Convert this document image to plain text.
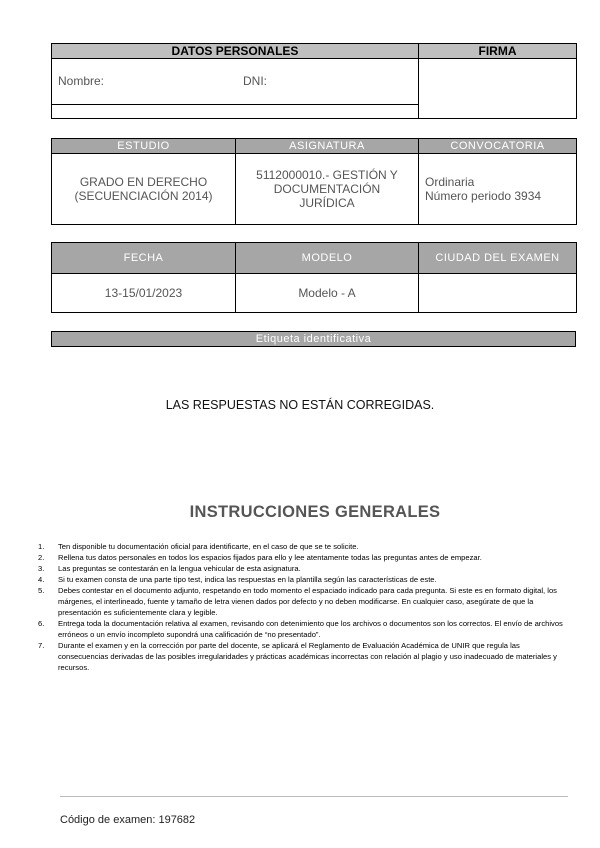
DATOS PERSONALES	FIRMA

Nombre: DNI:	

ESTUDIO	ASIGNATURA	CONVOCATORIA

GRADO EN DERECHO (SECUENCIACIÓN 2014)	5112000010.- GESTIÓN Y DOCUMENTACIÓN JURÍDICA	Ordinaria
Número periodo 3934
FECHA	MODELO	CIUDAD DEL EXAMEN
13-15/01/2023	Modelo - A	
Etiqueta identificativa
LAS RESPUESTAS NO ESTÁN CORREGIDAS.
INSTRUCCIONES GENERALES
1. Ten disponible tu documentación oficial para identificarte, en el caso de que se te solicite.
2. Rellena tus datos personales en todos los espacios fijados para ello y lee atentamente todas las preguntas antes de empezar.
3. Las preguntas se contestarán en la lengua vehicular de esta asignatura.
4. Si tu examen consta de una parte tipo test, indica las respuestas en la plantilla según las características de este.
5. Debes contestar en el documento adjunto, respetando en todo momento el espaciado indicado para cada pregunta. Si este es en formato digital, los márgenes, el interlineado, fuente y tamaño de letra vienen dados por defecto y no deben modificarse. En cualquier caso, asegúrate de que la presentación es suficientemente clara y legible.
6. Entrega toda la documentación relativa al examen, revisando con detenimiento que los archivos o documentos son los correctos. El envío de archivos erróneos o un envío incompleto supondrá una calificación de “no presentado”.
7. Durante el examen y en la corrección por parte del docente, se aplicará el Reglamento de Evaluación Académica de UNIR que regula las consecuencias derivadas de las posibles irregularidades y prácticas académicas incorrectas con relación al plagio y uso inadecuado de materiales y recursos.
Código de examen: 197682
